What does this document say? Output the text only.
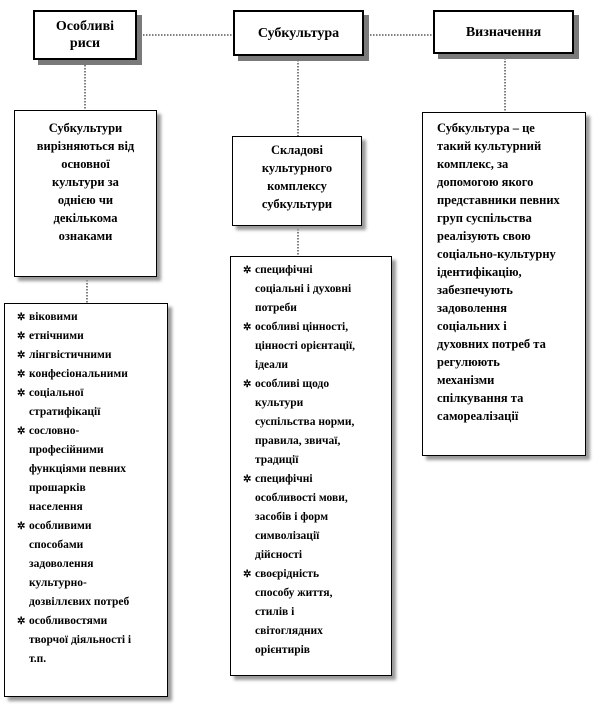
Особливі
риси
Субкультура	Визначення
Субкультури
вирізняються від
основної
культури за
однією чи
декількома
ознаками
✲ віковими
✲ етнічними
✲ лінгвістичними
✲ конфесіональними
✲ соціальної
стратифікації
✲ сословно-
професійними
функціями певних
прошарків
населення
✲ особливими
способами
задоволення
культурно-
дозвіллєвих потреб
✲ особливостями
творчої діяльності і
т.п.
Складові
культурного
комплексу
субкультури
✲ специфічні
соціальні і духовні
потреби
✲ особливі цінності,
цінності орієнтації,
ідеали
✲ особливі щодо
культури
суспільства норми,
правила, звичаї,
традиції
✲ специфічні
особливості мови,
засобів і форм
символізації
дійсності
✲ своєрідність
способу життя,
стилів і
світоглядних
орієнтирів
Субкультура – це
такий культурний
комплекс, за
допомогою якого
представники певних
груп суспільства
реалізують свою
соціально-культурну
ідентифікацію,
забезпечують
задоволення
соціальних і
духовних потреб та
регулюють
механізми
спілкування та
самореалізації
